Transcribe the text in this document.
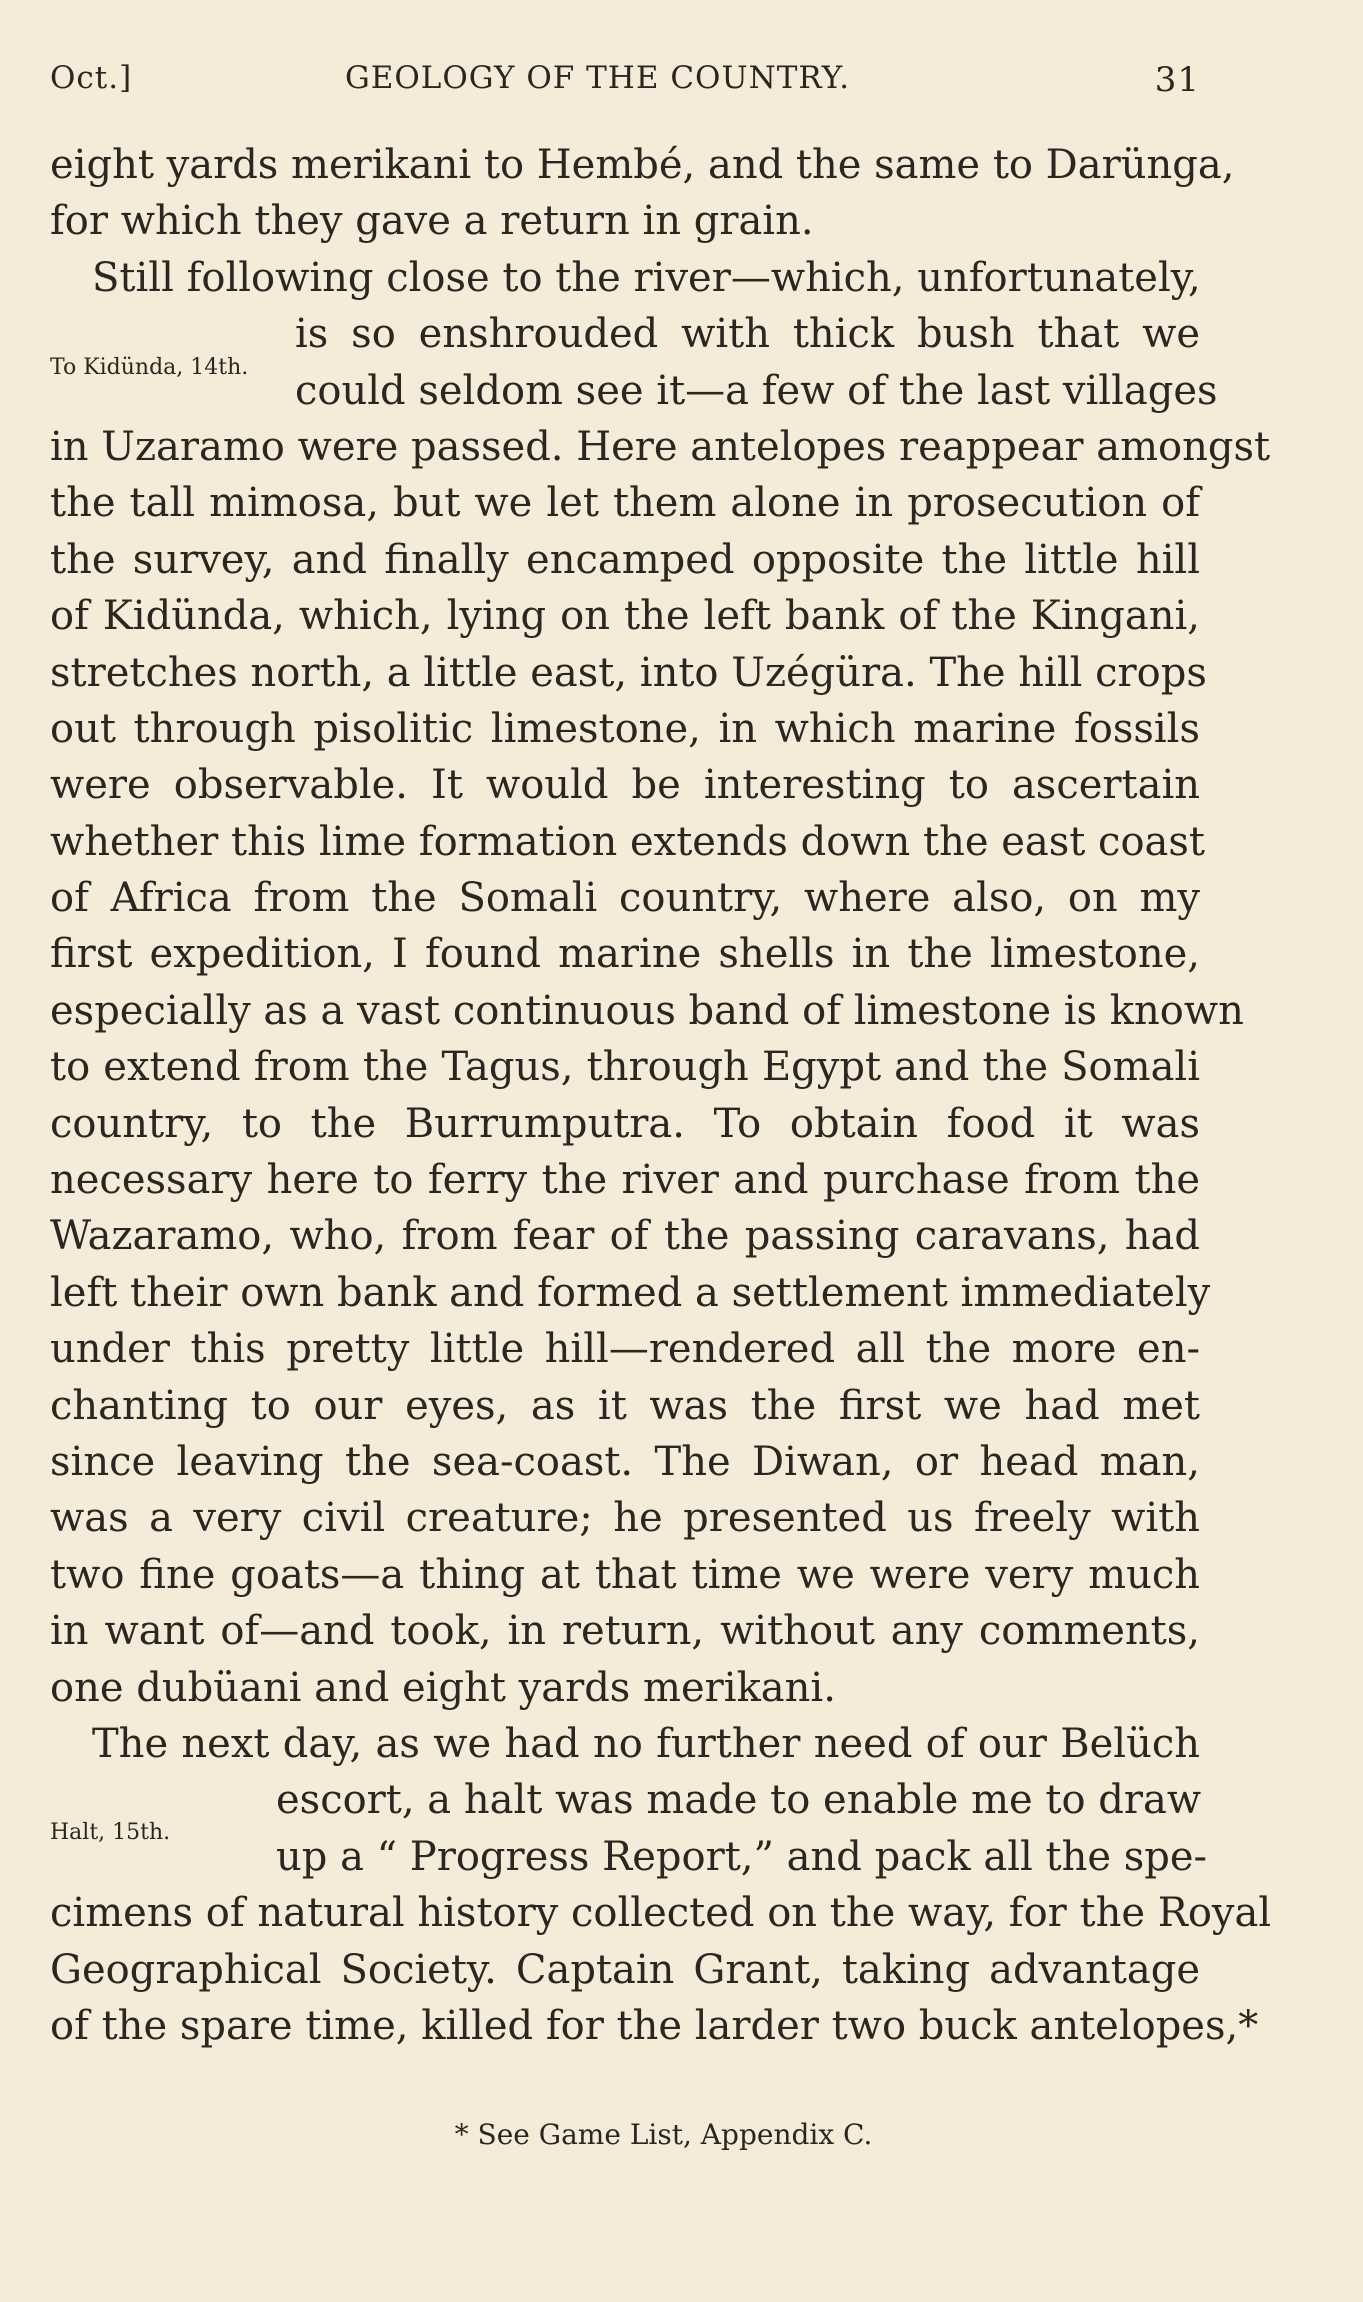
Oct.]	GEOLOGY OF THE COUNTRY.	31
eight yards merikani to Hembé, and the same to Darünga,
for which they gave a return in grain.
Still following close to the river—which, unfortunately,
is so enshrouded with thick bush that we
could seldom see it—a few of the last villages
in Uzaramo were passed. Here antelopes reappear amongst
the tall mimosa, but we let them alone in prosecution of
the survey, and finally encamped opposite the little hill
of Kidünda, which, lying on the left bank of the Kingani,
stretches north, a little east, into Uzégüra. The hill crops
out through pisolitic limestone, in which marine fossils
were observable. It would be interesting to ascertain
whether this lime formation extends down the east coast
of Africa from the Somali country, where also, on my
first expedition, I found marine shells in the limestone,
especially as a vast continuous band of limestone is known
to extend from the Tagus, through Egypt and the Somali
country, to the Burrumputra. To obtain food it was
necessary here to ferry the river and purchase from the
Wazaramo, who, from fear of the passing caravans, had
left their own bank and formed a settlement immediately
under this pretty little hill—rendered all the more en-
chanting to our eyes, as it was the first we had met
since leaving the sea-coast. The Diwan, or head man,
was a very civil creature; he presented us freely with
two fine goats—a thing at that time we were very much
in want of—and took, in return, without any comments,
one dubüani and eight yards merikani.
The next day, as we had no further need of our Belüch
escort, a halt was made to enable me to draw
up a “ Progress Report,” and pack all the spe-
cimens of natural history collected on the way, for the Royal
Geographical Society. Captain Grant, taking advantage
of the spare time, killed for the larder two buck antelopes,*
To Kidünda, 14th.
Halt, 15th.
* See Game List, Appendix C.
